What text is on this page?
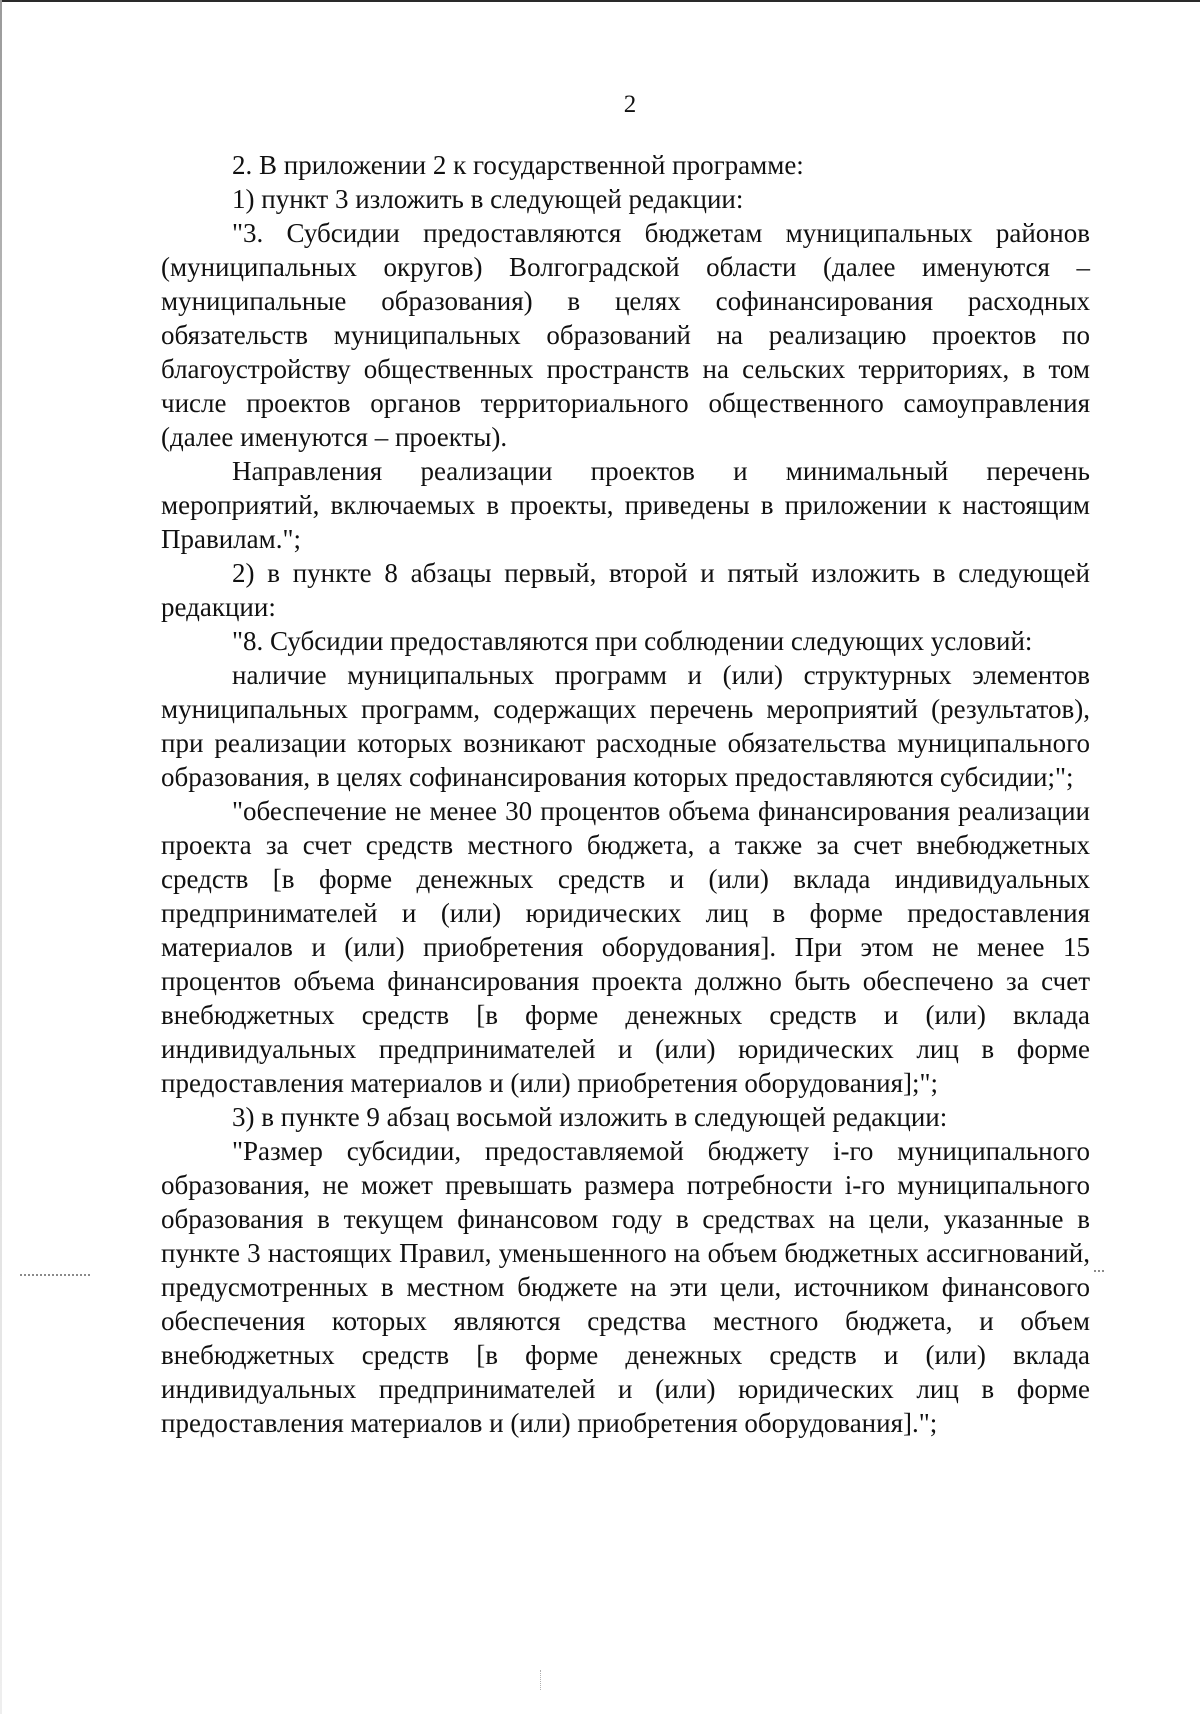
2

2. В приложении 2 к государственной программе:

1) пункт 3 изложить в следующей редакции:

"3. Субсидии предоставляются бюджетам муниципальных районов (муниципальных округов) Волгоградской области (далее именуются – муниципальные образования) в целях софинансирования расходных обязательств муниципальных образований на реализацию проектов по благоустройству общественных пространств на сельских территориях, в том числе проектов органов территориального общественного самоуправления (далее именуются – проекты).

Направления реализации проектов и минимальный перечень мероприятий, включаемых в проекты, приведены в приложении к настоящим Правилам.";

2) в пункте 8 абзацы первый, второй и пятый изложить в следующей редакции:

"8. Субсидии предоставляются при соблюдении следующих условий:

наличие муниципальных программ и (или) структурных элементов муниципальных программ, содержащих перечень мероприятий (результатов), при реализации которых возникают расходные обязательства муниципального образования, в целях софинансирования которых предоставляются субсидии;";

"обеспечение не менее 30 процентов объема финансирования реализации проекта за счет средств местного бюджета, а также за счет внебюджетных средств [в форме денежных средств и (или) вклада индивидуальных предпринимателей и (или) юридических лиц в форме предоставления материалов и (или) приобретения оборудования]. При этом не менее 15 процентов объема финансирования проекта должно быть обеспечено за счет внебюджетных средств [в форме денежных средств и (или) вклада индивидуальных предпринимателей и (или) юридических лиц в форме предоставления материалов и (или) приобретения оборудования];";

3) в пункте 9 абзац восьмой изложить в следующей редакции:

"Размер субсидии, предоставляемой бюджету i-го муниципального образования, не может превышать размера потребности i-го муниципального образования в текущем финансовом году в средствах на цели, указанные в пункте 3 настоящих Правил, уменьшенного на объем бюджетных ассигнований, предусмотренных в местном бюджете на эти цели, источником финансового обеспечения которых являются средства местного бюджета, и объем внебюджетных средств [в форме денежных средств и (или) вклада индивидуальных предпринимателей и (или) юридических лиц в форме предоставления материалов и (или) приобретения оборудования].";
